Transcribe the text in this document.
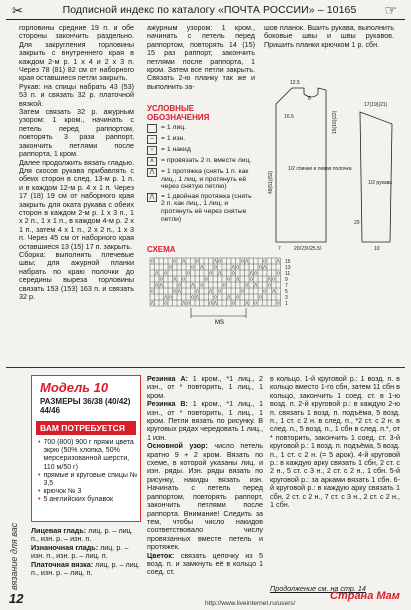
✂	Подписной индекс по каталогу «ПОЧТА РОССИИ» – 10165	☞

горловины средние 19 п. и обе стороны закончить раздельно. Для закругления горловины закрыть с внутреннего края в каждом 2-м р. 1 х 4 и 2 х 3 п. Через 78 (81) 82 см от наборного края оставшиеся петли закрыть.

Рукав: на спицы набрать 43 (53) 53 п. и связать 32 р. платочной вязкой.

Затем связать 32 р. ажурным узором: 1 кром., начинать с петель перед раппортом, повторять 3 раза раппорт, закончить петлями после раппорта, 1 кром.

Далее продолжить вязать гладью. Для скосов рукава прибавлять с обеих сторон в след. 13-м р. 1 п. и в каждом 12-м р. 4 х 1 п. Через 17 (18) 19 см от наборного края закрыть для оката рукава с обеих сторон в каждом 2-м р. 1 х 3 п., 1 х 2 п., 1 х 1 п., в каждом 4-м р. 2 х 1 п., затем 4 х 1 п., 2 х 2 п., 1 х 3 п. Через 45 см от наборного края оставшиеся 13 (15) 17 п. закрыть.

Сборка: выполнить плечевые швы; для ажурной планки набрать по краю полочки до середины выреза горловины связать 153 (153) 163 п. и связать 32 р.

ажурным узором: 1 кром., начинать с петель перед раппортом, повторять 14 (15) 15 раз раппорт, закончить петлями после раппорта, 1 кром. Затем все петли закрыть. Связать 2-ю планку так же и выполнить за-

шов планок. Вшить рукава, выполнить боковые швы и швы рукавов. Пришить планки крючком 1 р. сбн.

УСЛОВНЫЕ ОБОЗНАЧЕНИЯ
= 1 лиц.
–	= 1 изн.
○	= 1 накид
⋏ = провязать 2 п. вместе лиц.
⋀ = 1 протяжка (снять 1 п. как лиц., 1 лиц. и протянуть её через снятую петлю)
⋀ = 1 двойная протяжка (снять 2 п. как лиц., 1 лиц. и протянуть её через снятые петли)
СХЕМА
15
13
11
9
7
5
3
1
MS
12.5
6
16.5	15(16)(22)
48(51)(52)
1/2 спинки и левая полочка
7	20(23)(25.5)
17(19)(21)
1/2 рукава
20
10
Модель 10
РАЗМЕРЫ 36/38 (40/42) 44/46
ВАМ ПОТРЕБУЕТСЯ
• 700 (800) 900 г пряжи цвета экрю (50% хлопка, 50% мерсеризованной шерсти, 110 м/50 г)
• прямые и круговые спицы № 3,5
• крючок № 3
• 5 английских булавок

Лицевая гладь: лиц. р. – лиц. п., изн. р. – изн. п.

Изнаночная гладь: лиц. р. – изн. п., изн. р. – лиц. п.

Платочная вязка: лиц. р. – лиц. п., изн. р. – лиц. п.

вязание для вас
12

Резинка А: 1 кром., *1 лиц., 2 изн., от * повторить, 1 лиц., 1 кром.

Резинка В: 1 кром., *1 лиц., 1 изн., от * повторить, 1 лиц., 1 кром. Петли вязать по рисунку. В круговых рядах чередовать 1 лиц., 1 изн.

Основной узор: число петель кратно 9 + 2 кром. Вязать по схеме, в которой указаны лиц. и изн. ряды. Изн. ряды вязать по рисунку, накиды вязать изн. Начинать с петель перед раппортом, повторять раппорт, закончить петлями после раппорта. Внимание! Следить за тем, чтобы число накидов соответствовало числу провязанных вместе петель и протяжек.

Цветок: связать цепочку из 5 возд. п. и замкнуть её в кольцо 1 соед. ст.

в кольцо. 1-й круговой р.: 1 возд. п. в кольцо вместо 1-го сбн, затем 11 сбн в кольцо, закончить 1 соед. ст. в 1-ю возд. п. 2-й круговой р.: в каждую 2-ю п. связать 1 возд. п. подъёма, 5 возд. п., 1 ст. с 2 н. в след. п., *2 ст. с 2 н. в след. п., 5 возд. п., 1 сбн в след. п.*, от * повторить, закончить 1 соед. ст. 3-й круговой р.: 1 возд. п. подъёма, 5 возд. п., 1 ст. с 2 н. (= 5 арок). 4-й круговой р.: в каждую арку связать 1 сбн, 2 ст. с 2 н., 5 ст. с 3 н., 2 ст. с 2 н., 1 сбн. 5-й круговой р.: за арками вязать 1 сбн. 6-й круговой р.: в каждую арку связать 1 сбн, 2 ст. с 2 н., 7 ст. с 3 н., 2 ст. с 2 н., 1 сбн.

Продолжение см. на стр. 14
http://www.liveinternet.ru/users/
Страна Мам
